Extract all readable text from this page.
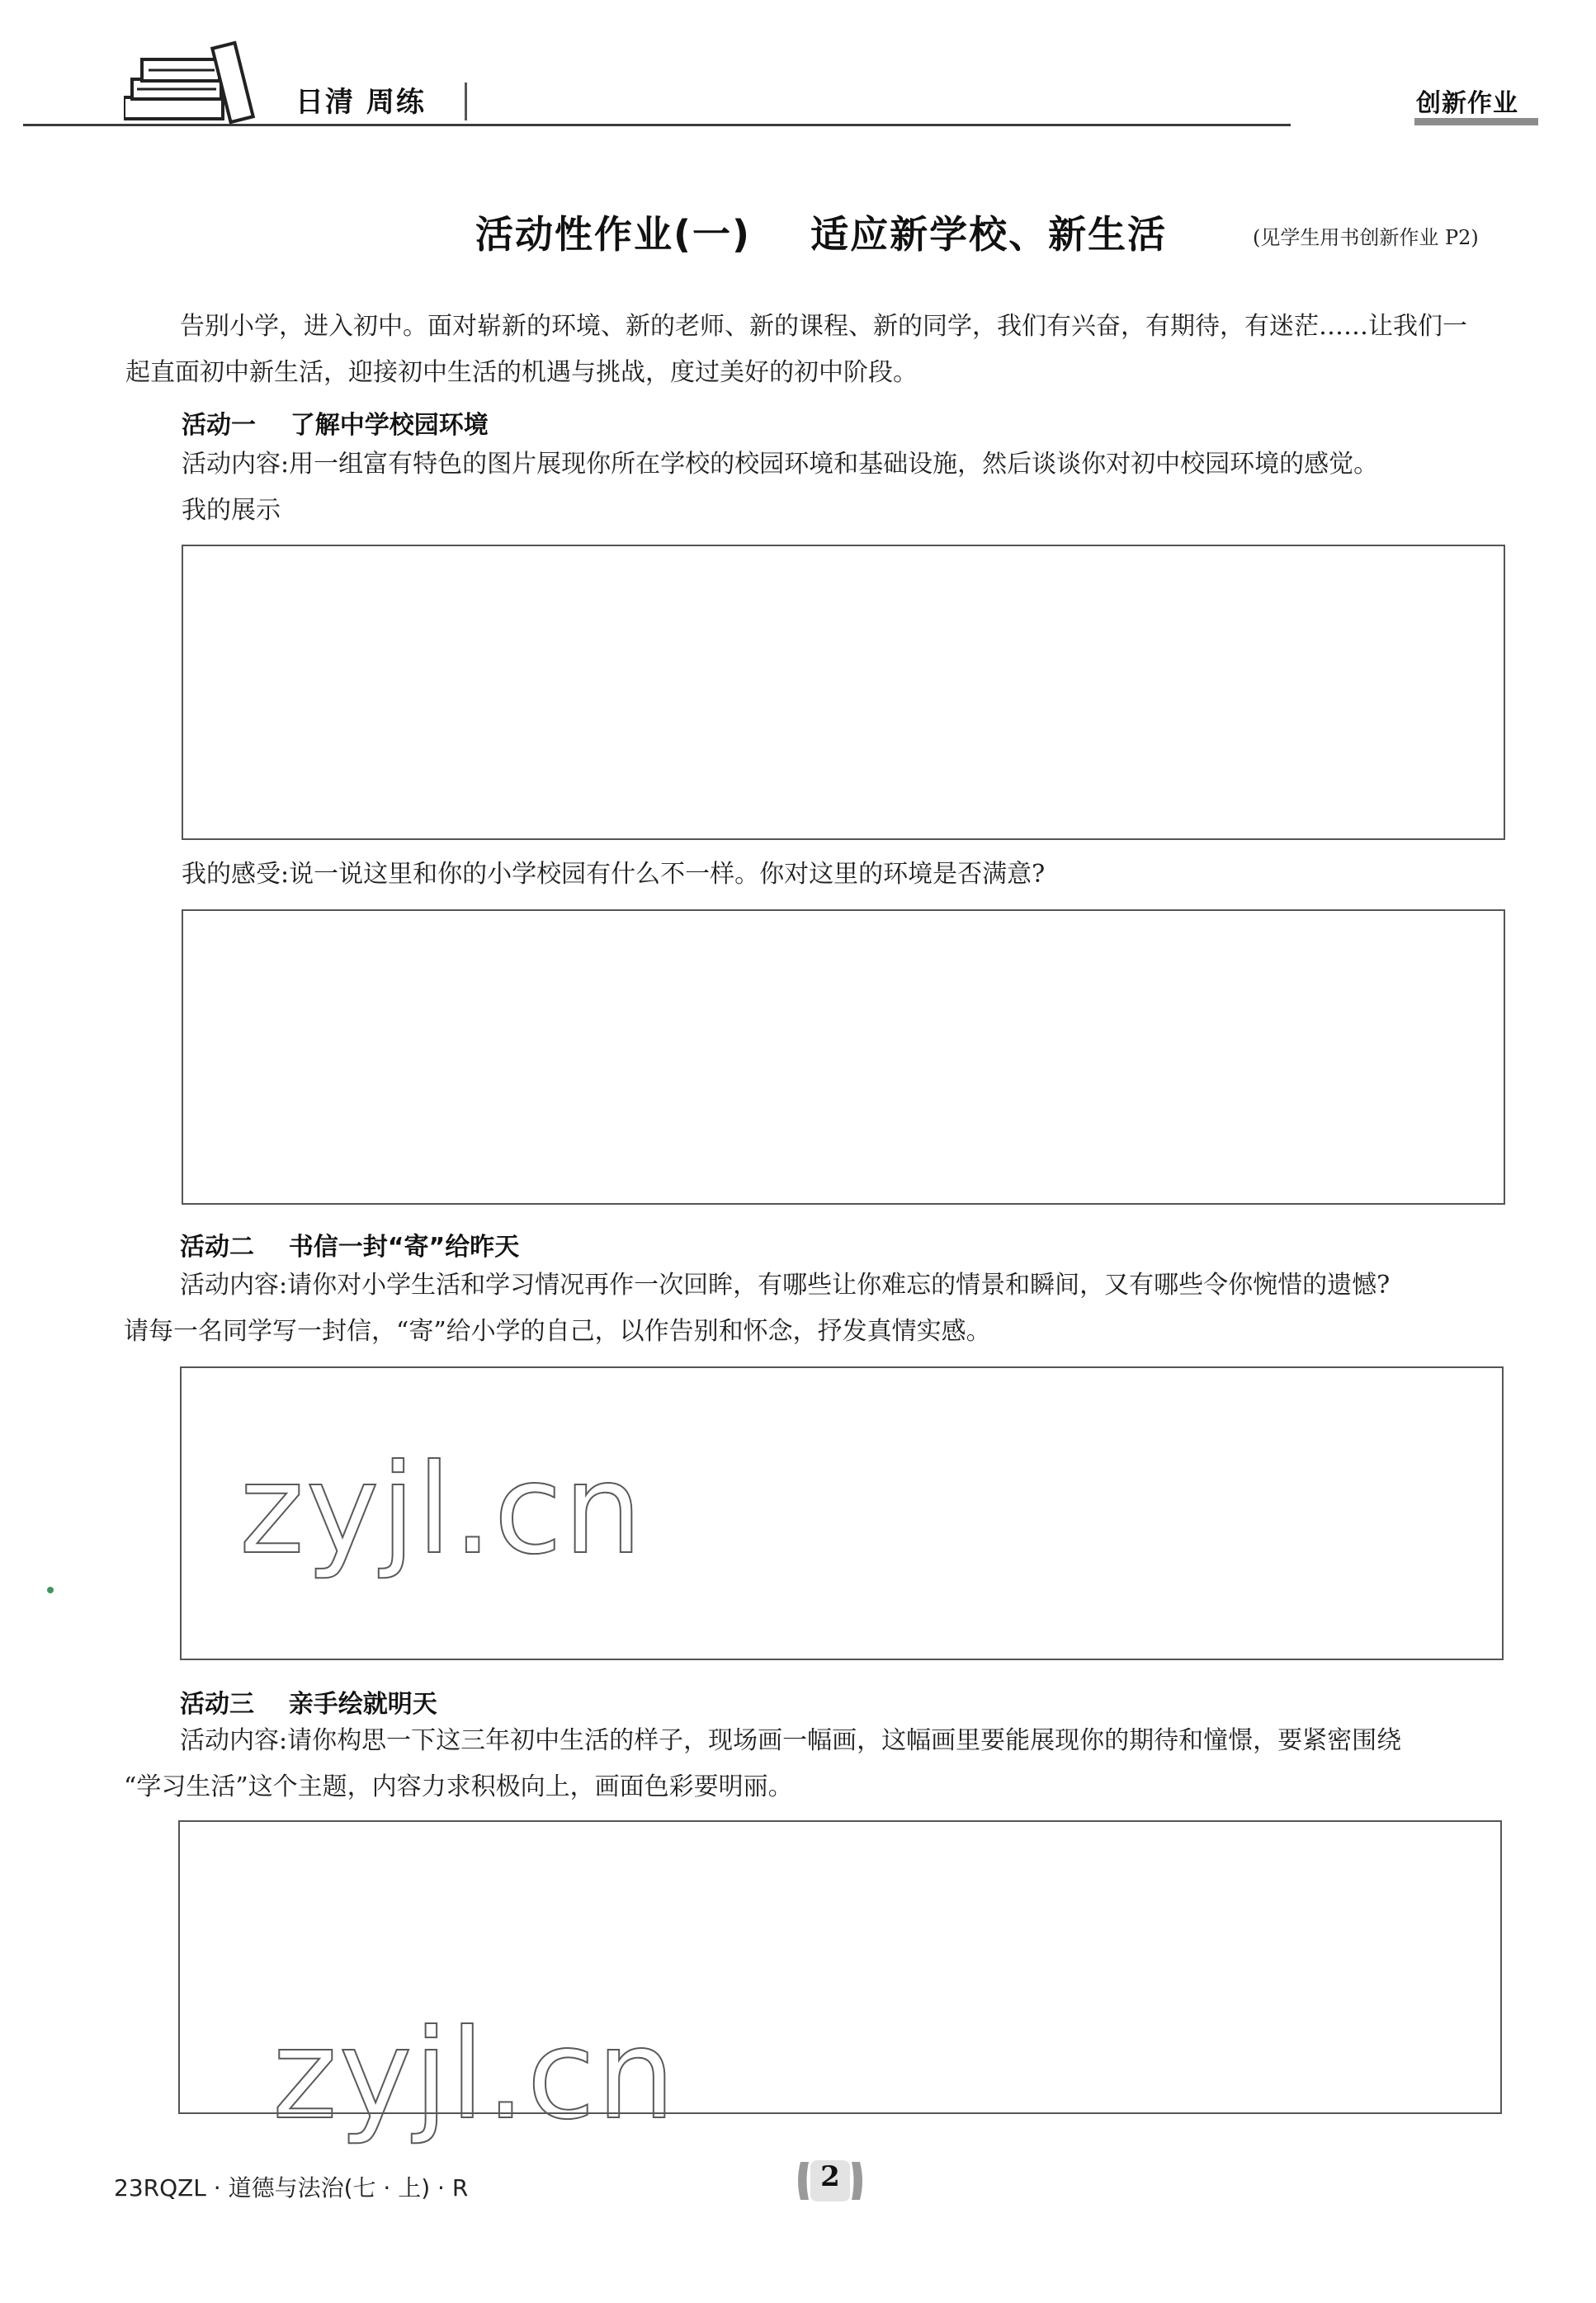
日清 周练	创新作业
活动性作业(一)    适应新学校、新生活	(见学生用书创新作业 P2)
告别小学，进入初中。面对崭新的环境、新的老师、新的课程、新的同学，我们有兴奋，有期待，有迷茫……让我们一
起直面初中新生活，迎接初中生活的机遇与挑战，度过美好的初中阶段。
活动一    了解中学校园环境
活动内容:用一组富有特色的图片展现你所在学校的校园环境和基础设施，然后谈谈你对初中校园环境的感觉。
我的展示
我的感受:说一说这里和你的小学校园有什么不一样。你对这里的环境是否满意?
活动二    书信一封“寄”给昨天
活动内容:请你对小学生活和学习情况再作一次回眸，有哪些让你难忘的情景和瞬间，又有哪些令你惋惜的遗憾?
请每一名同学写一封信，“寄”给小学的自己，以作告别和怀念，抒发真情实感。
活动三    亲手绘就明天
活动内容:请你构思一下这三年初中生活的样子，现场画一幅画，这幅画里要能展现你的期待和憧憬，要紧密围绕
“学习生活”这个主题，内容力求积极向上，画面色彩要明丽。
zyjl.cn
zyjl.cn
23RQZL · 道德与法治(七 · 上) · R	2
